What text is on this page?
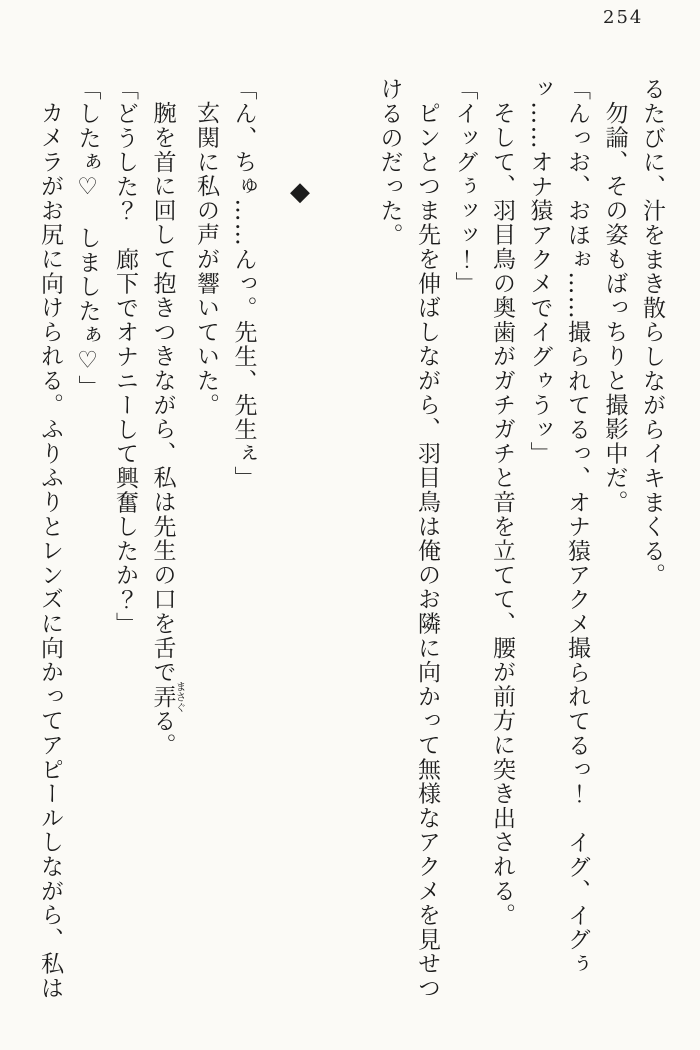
254

るたびに、汁をまき散らしながらイキまくる。

勿論、その姿もばっちりと撮影中だ。

「んっお、おほぉ……撮られてるっ、オナ猿アクメ撮られてるっ！　イグ、イグぅッ……オナ猿アクメでイグゥうッ」

そして、羽目鳥の奥歯がガチガチと音を立てて、腰が前方に突き出される。

「イッグぅッッ！」

ピンとつま先を伸ばしながら、羽目鳥は俺のお隣に向かって無様なアクメを見せつけるのだった。

◆

「ん、ちゅ……んっ。先生、先生ぇ」

玄関に私の声が響いていた。

腕を首に回して抱きつきながら、私は先生の口を舌で弄 まさぐる。

「どうした？　廊下でオナニーして興奮したか？」

「したぁ♡　しましたぁ♡」

カメラがお尻に向けられる。ふりふりとレンズに向かってアピールしながら、私は
